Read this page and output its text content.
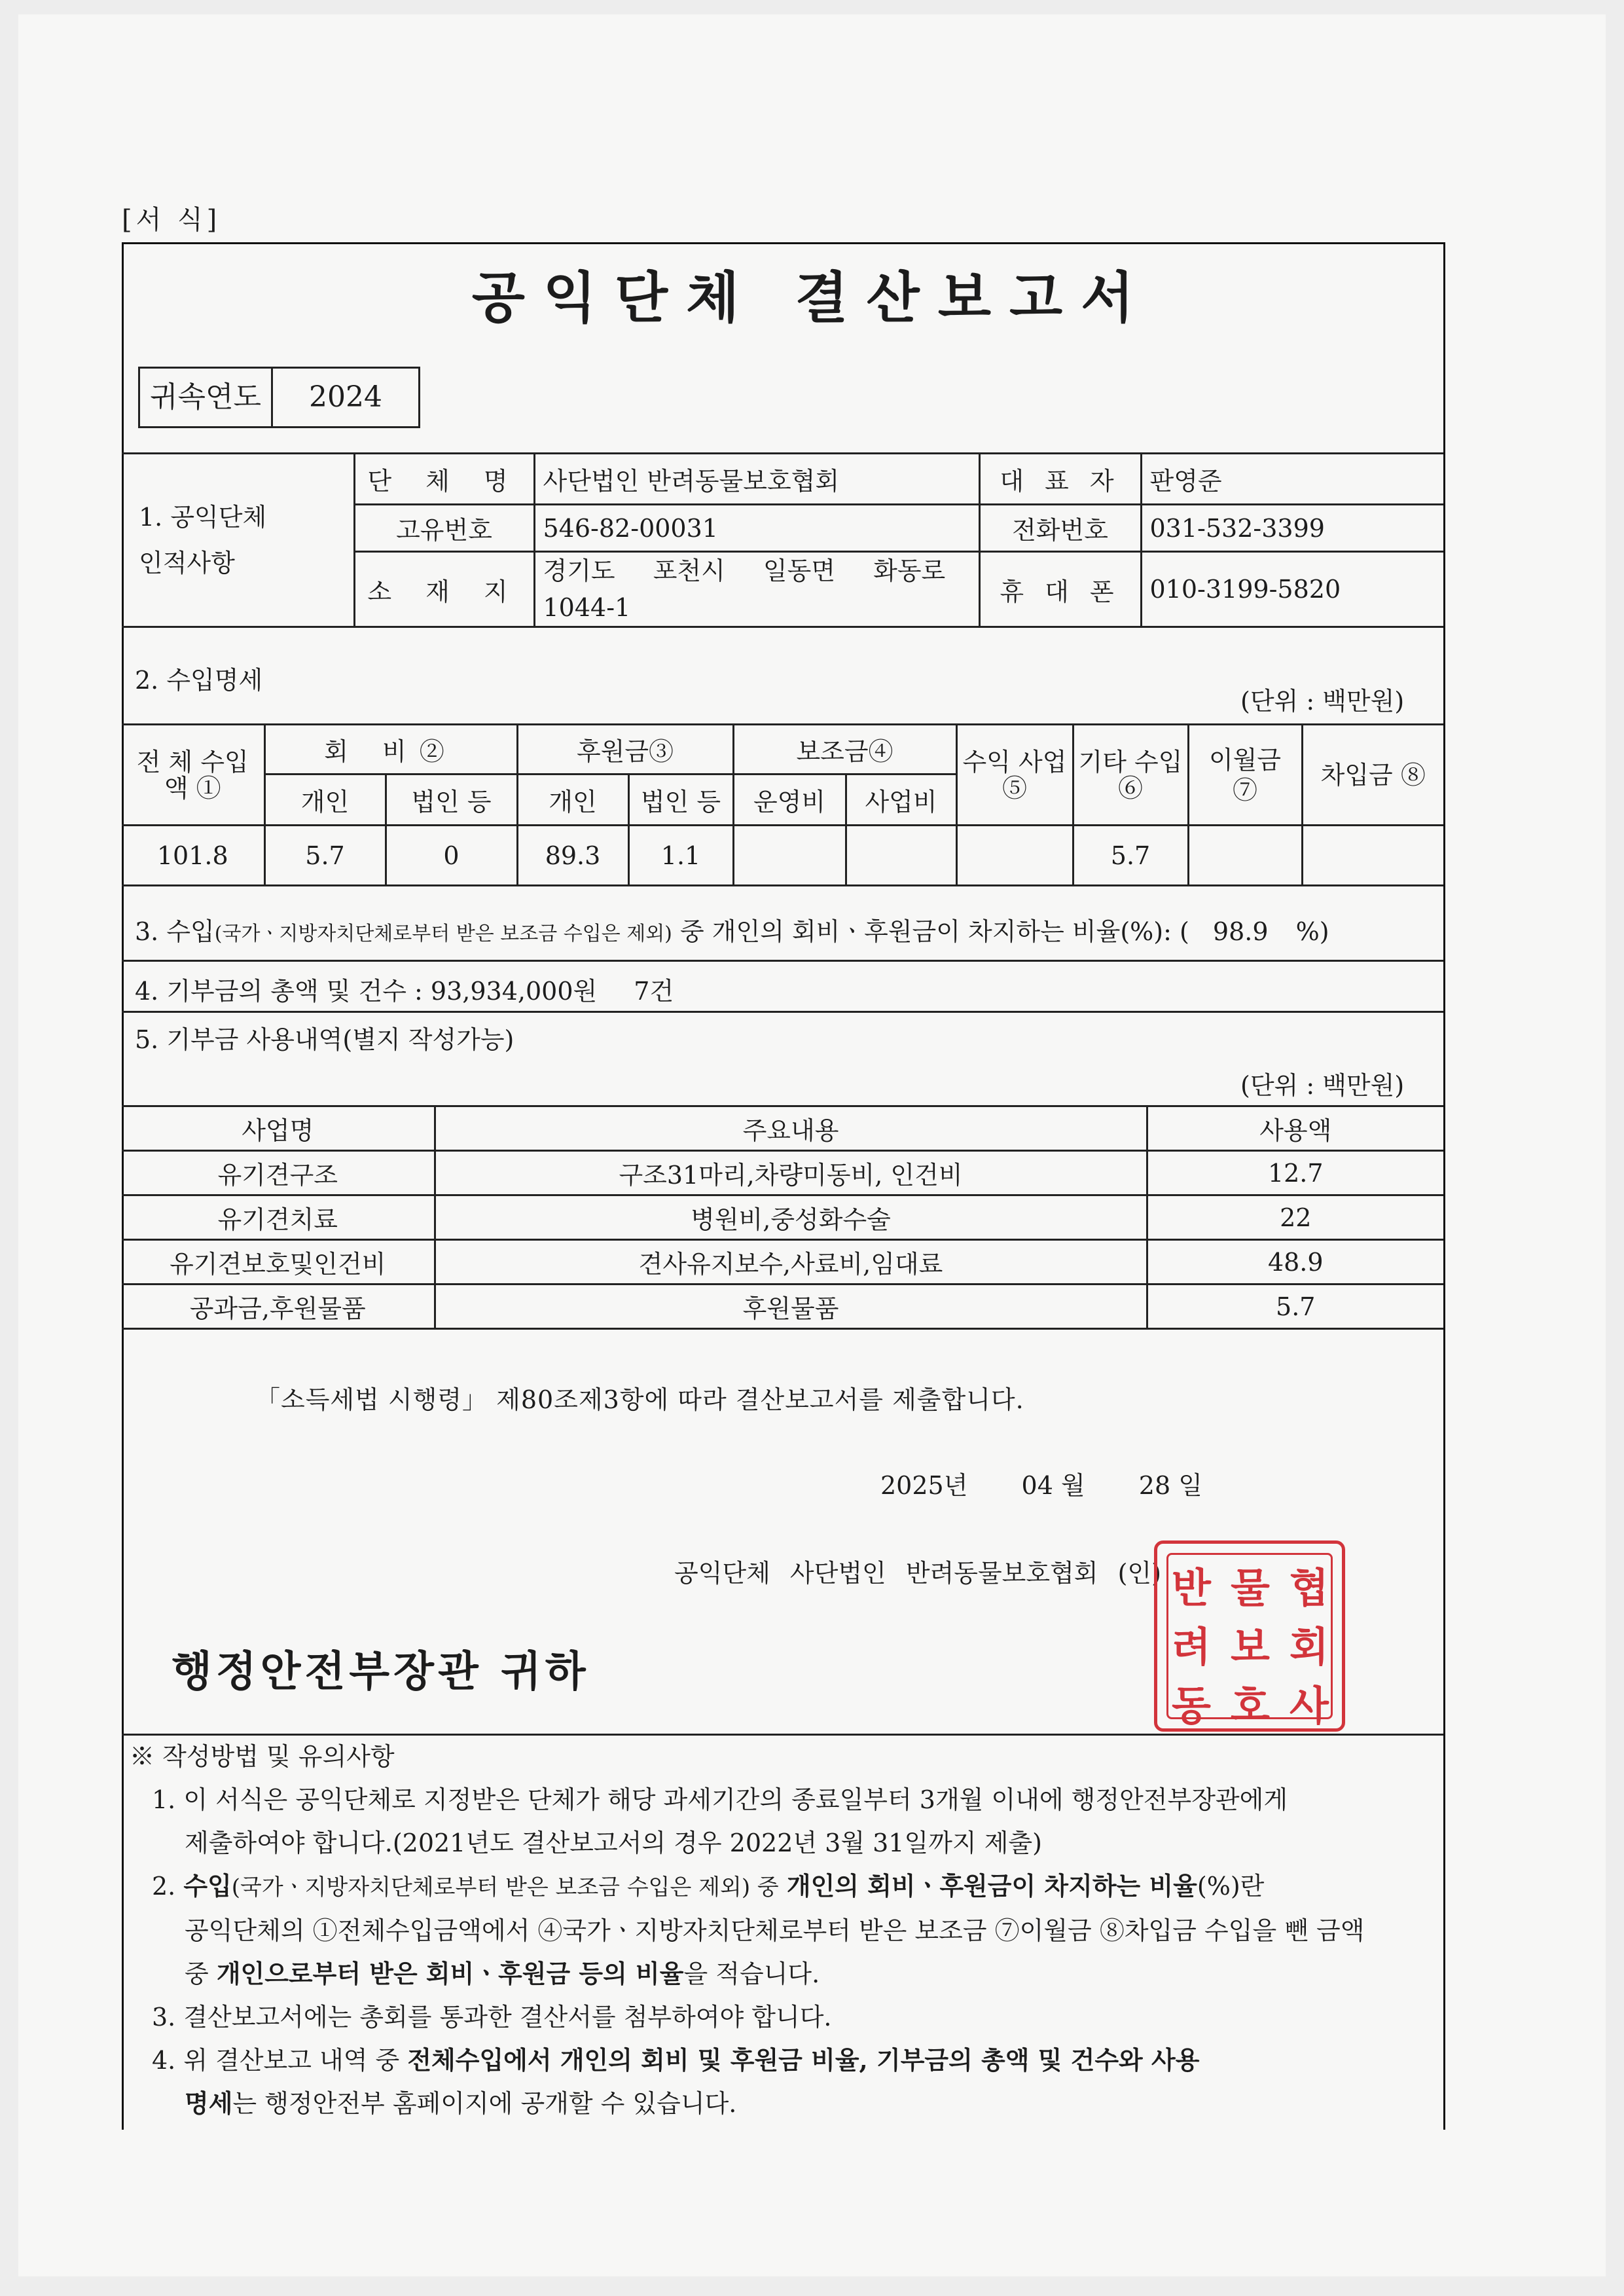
[서 식]
공익단체 결산보고서
귀속연도	2024
1. 공익단체 인적사항	단 체 명	사단법인 반려동물보호협회	대 표 자	판영준
	고유번호	546-82-00031	전화번호	031-532-3399
	소 재 지	경기도 포천시 일동면 화동로 1044-1	휴 대 폰	010-3199-5820
2. 수입명세
(단위 : 백만원)
전 체 수입액 ①	회 비②		후원금③		보조금④		수익 사업 ⑤	기타 수입 ⑥	이월금 ⑦	차입금 ⑧
	개인	법인 등	개인	법인 등	운영비	사업비				
101.8	5.7	0	89.3	1.1				5.7		
3. 수입(국가ㆍ지방자치단체로부터 받은 보조금 수입은 제외) 중 개인의 회비ㆍ후원금이 차지하는 비율(%): ( 98.9 %)
4. 기부금의 총액 및 건수 : 93,934,000원 7건
5. 기부금 사용내역(별지 작성가능)
(단위 : 백만원)
사업명	주요내용	사용액
유기견구조	구조31마리,차량미동비, 인건비	12.7
유기견치료	병원비,중성화수술	22
유기견보호및인건비	견사유지보수,사료비,임대료	48.9
공과금,후원물품	후원물품	5.7
「소득세법 시행령」 제80조제3항에 따라 결산보고서를 제출합니다.
2025년 04 월 28 일
공익단체 사단법인 반려동물보호협회 (인) 반
려
동
물
보
호
협
회
사
행정안전부장관 귀하

※ 작성방법 및 유의사항

1. 이 서식은 공익단체로 지정받은 단체가 해당 과세기간의 종료일부터 3개월 이내에 행정안전부장관에게

제출하여야 합니다.(2021년도 결산보고서의 경우 2022년 3월 31일까지 제출)

2. 수입(국가ㆍ지방자치단체로부터 받은 보조금 수입은 제외) 중 개인의 회비ㆍ후원금이 차지하는 비율(%)란

공익단체의 ①전체수입금액에서 ④국가ㆍ지방자치단체로부터 받은 보조금 ⑦이월금 ⑧차입금 수입을 뺀 금액

중 개인으로부터 받은 회비ㆍ후원금 등의 비율을 적습니다.

3. 결산보고서에는 총회를 통과한 결산서를 첨부하여야 합니다.

4. 위 결산보고 내역 중 전체수입에서 개인의 회비 및 후원금 비율, 기부금의 총액 및 건수와 사용

명세는 행정안전부 홈페이지에 공개할 수 있습니다.
